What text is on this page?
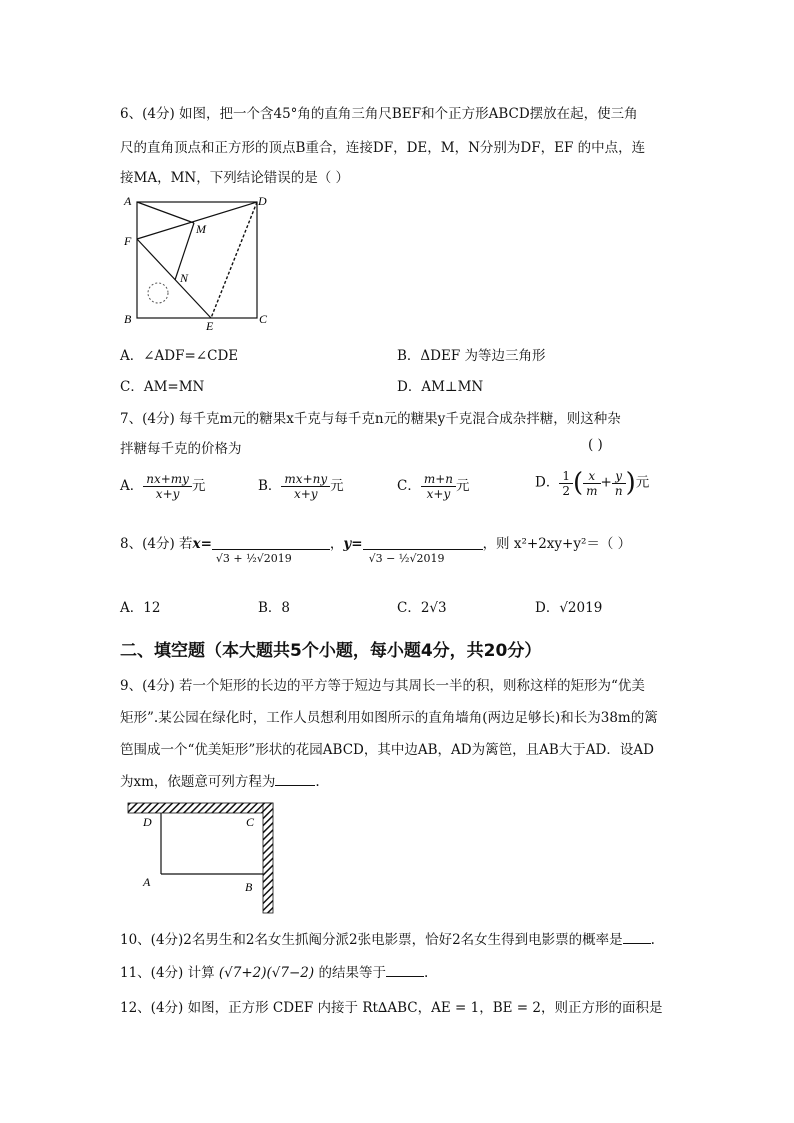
6、(4分) 如图，把一个含45°角的直角三角尺BEF和个正方形ABCD摆放在起，使三角
尺的直角顶点和正方形的顶点B重合，连接DF，DE，M，N分别为DF，EF 的中点，连
接MA，MN，下列结论错误的是（ ）
A	D
F
M
N
B	E	C
A．∠ADF=∠CDE	B．ΔDEF 为等边三角形
C．AM=MN	D．AM⊥MN
7、(4分) 每千克m元的糖果x千克与每千克n元的糖果y千克混合成杂拌糖，则这种杂
拌糖每千克的价格为	( )
A． $\frac{nx+my}{x+y}$ 元	B． $\frac{mx+ny}{x+y}$ 元	C． $\frac{m+n}{x+y}$ 元	D． $\frac{1}{2}$ ( $\frac{x}{m} + \frac{y}{n}$ )元
8、(4分) 若x=
√3 + ½√2019
，y=
√3 − ½√2019
，则 x²+2xy+y²＝（ ）
A．12	B．8	C．2√3	D．√2019
二、填空题（本大题共5个小题，每小题4分，共20分）
9、(4分) 若一个矩形的长边的平方等于短边与其周长一半的积，则称这样的矩形为“优美
矩形”.某公园在绿化时，工作人员想利用如图所示的直角墙角(两边足够长)和长为38m的篱
笆围成一个“优美矩形”形状的花园ABCD，其中边AB，AD为篱笆，且AB大于AD．设AD
为xm，依题意可列方程为	.
D	C
A	B
10、(4分)2名男生和2名女生抓阄分派2张电影票，恰好2名女生得到电影票的概率是 .
11、(4分) 计算 (√7+2)(√7−2) 的结果等于	.
12、(4分) 如图，正方形 CDEF 内接于 Rt∆ABC，AE = 1，BE = 2，则正方形的面积是
